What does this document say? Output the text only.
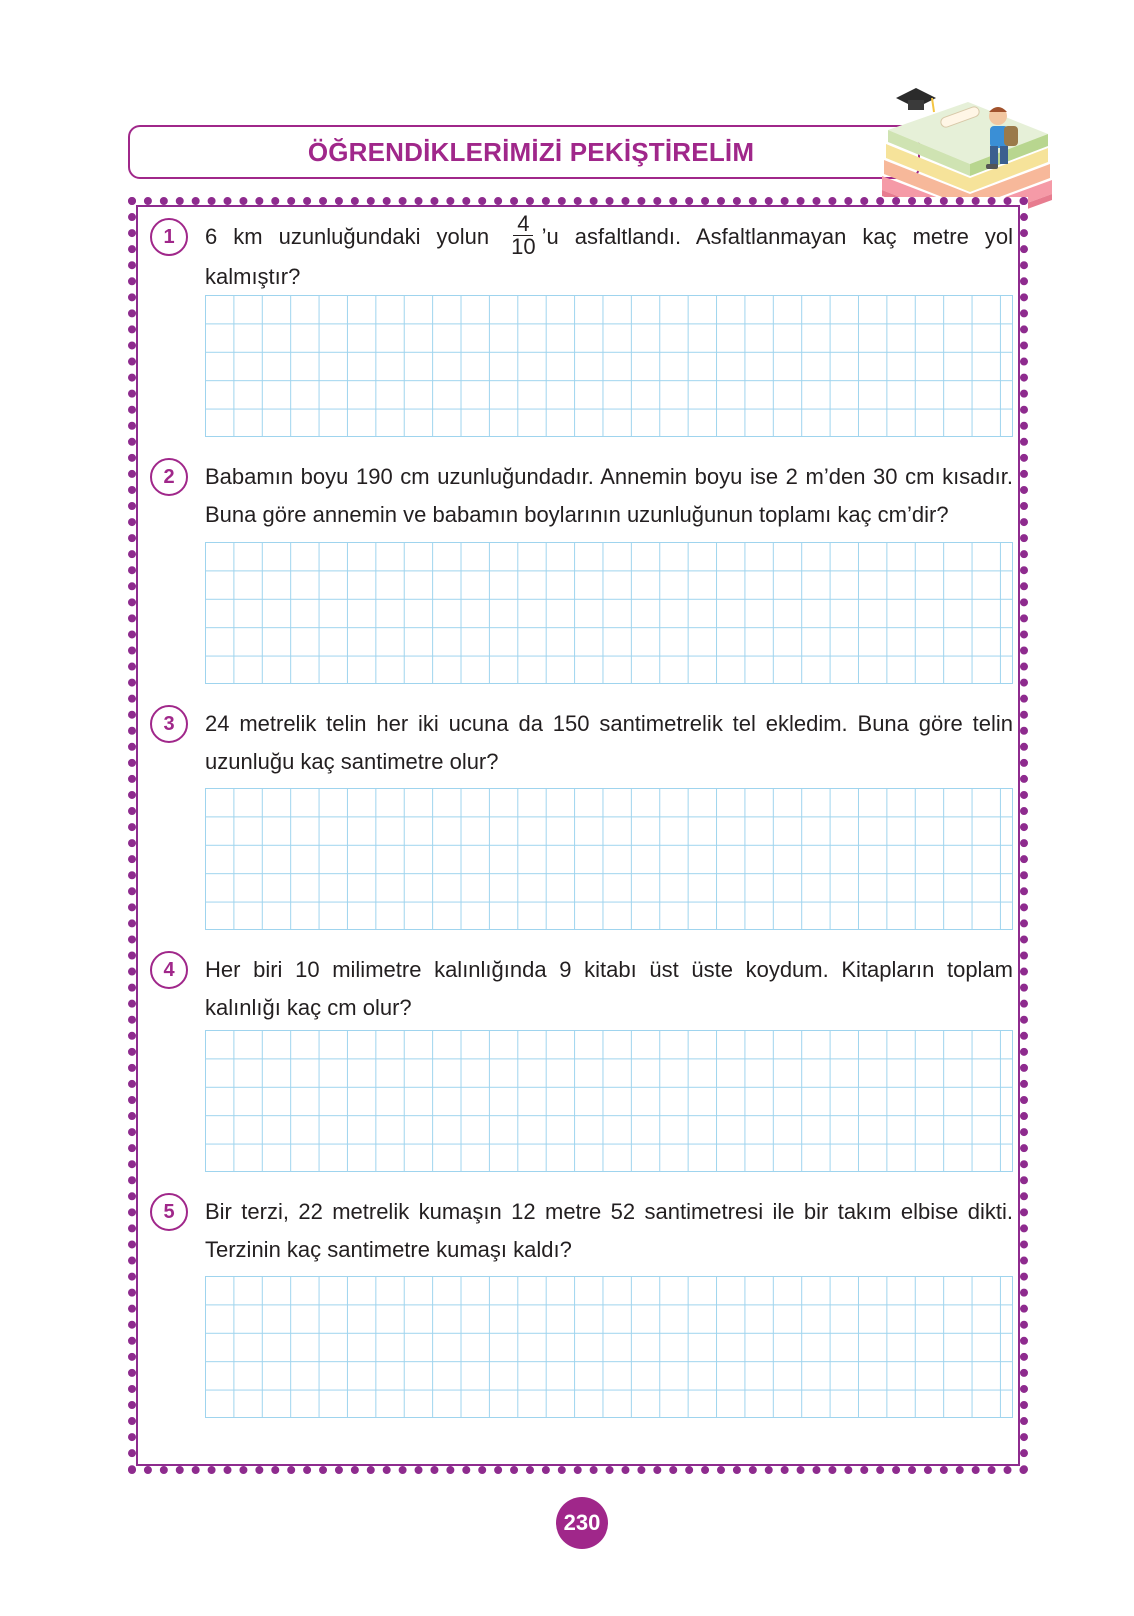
ÖĞRENDİKLERİMİZİ PEKİŞTİRELİM
1	6 km uzunluğundaki yolun $\frac{4}{10}$ ’u asfaltlandı. Asfaltlanmayan kaç metre yol kalmıştır?
2	Babamın boyu 190 cm uzunluğundadır. Annemin boyu ise 2 m’den 30 cm kısadır. Buna göre annemin ve babamın boylarının uzunluğunun toplamı kaç cm’dir?
3	24 metrelik telin her iki ucuna da 150 santimetrelik tel ekledim. Buna göre telin uzunluğu kaç santimetre olur?
4	Her biri 10 milimetre kalınlığında 9 kitabı üst üste koydum. Kitapların toplam kalınlığı kaç cm olur?
5	Bir terzi, 22 metrelik kumaşın 12 metre 52 santimetresi ile bir takım elbise dikti. Terzinin kaç santimetre kumaşı kaldı?
230
